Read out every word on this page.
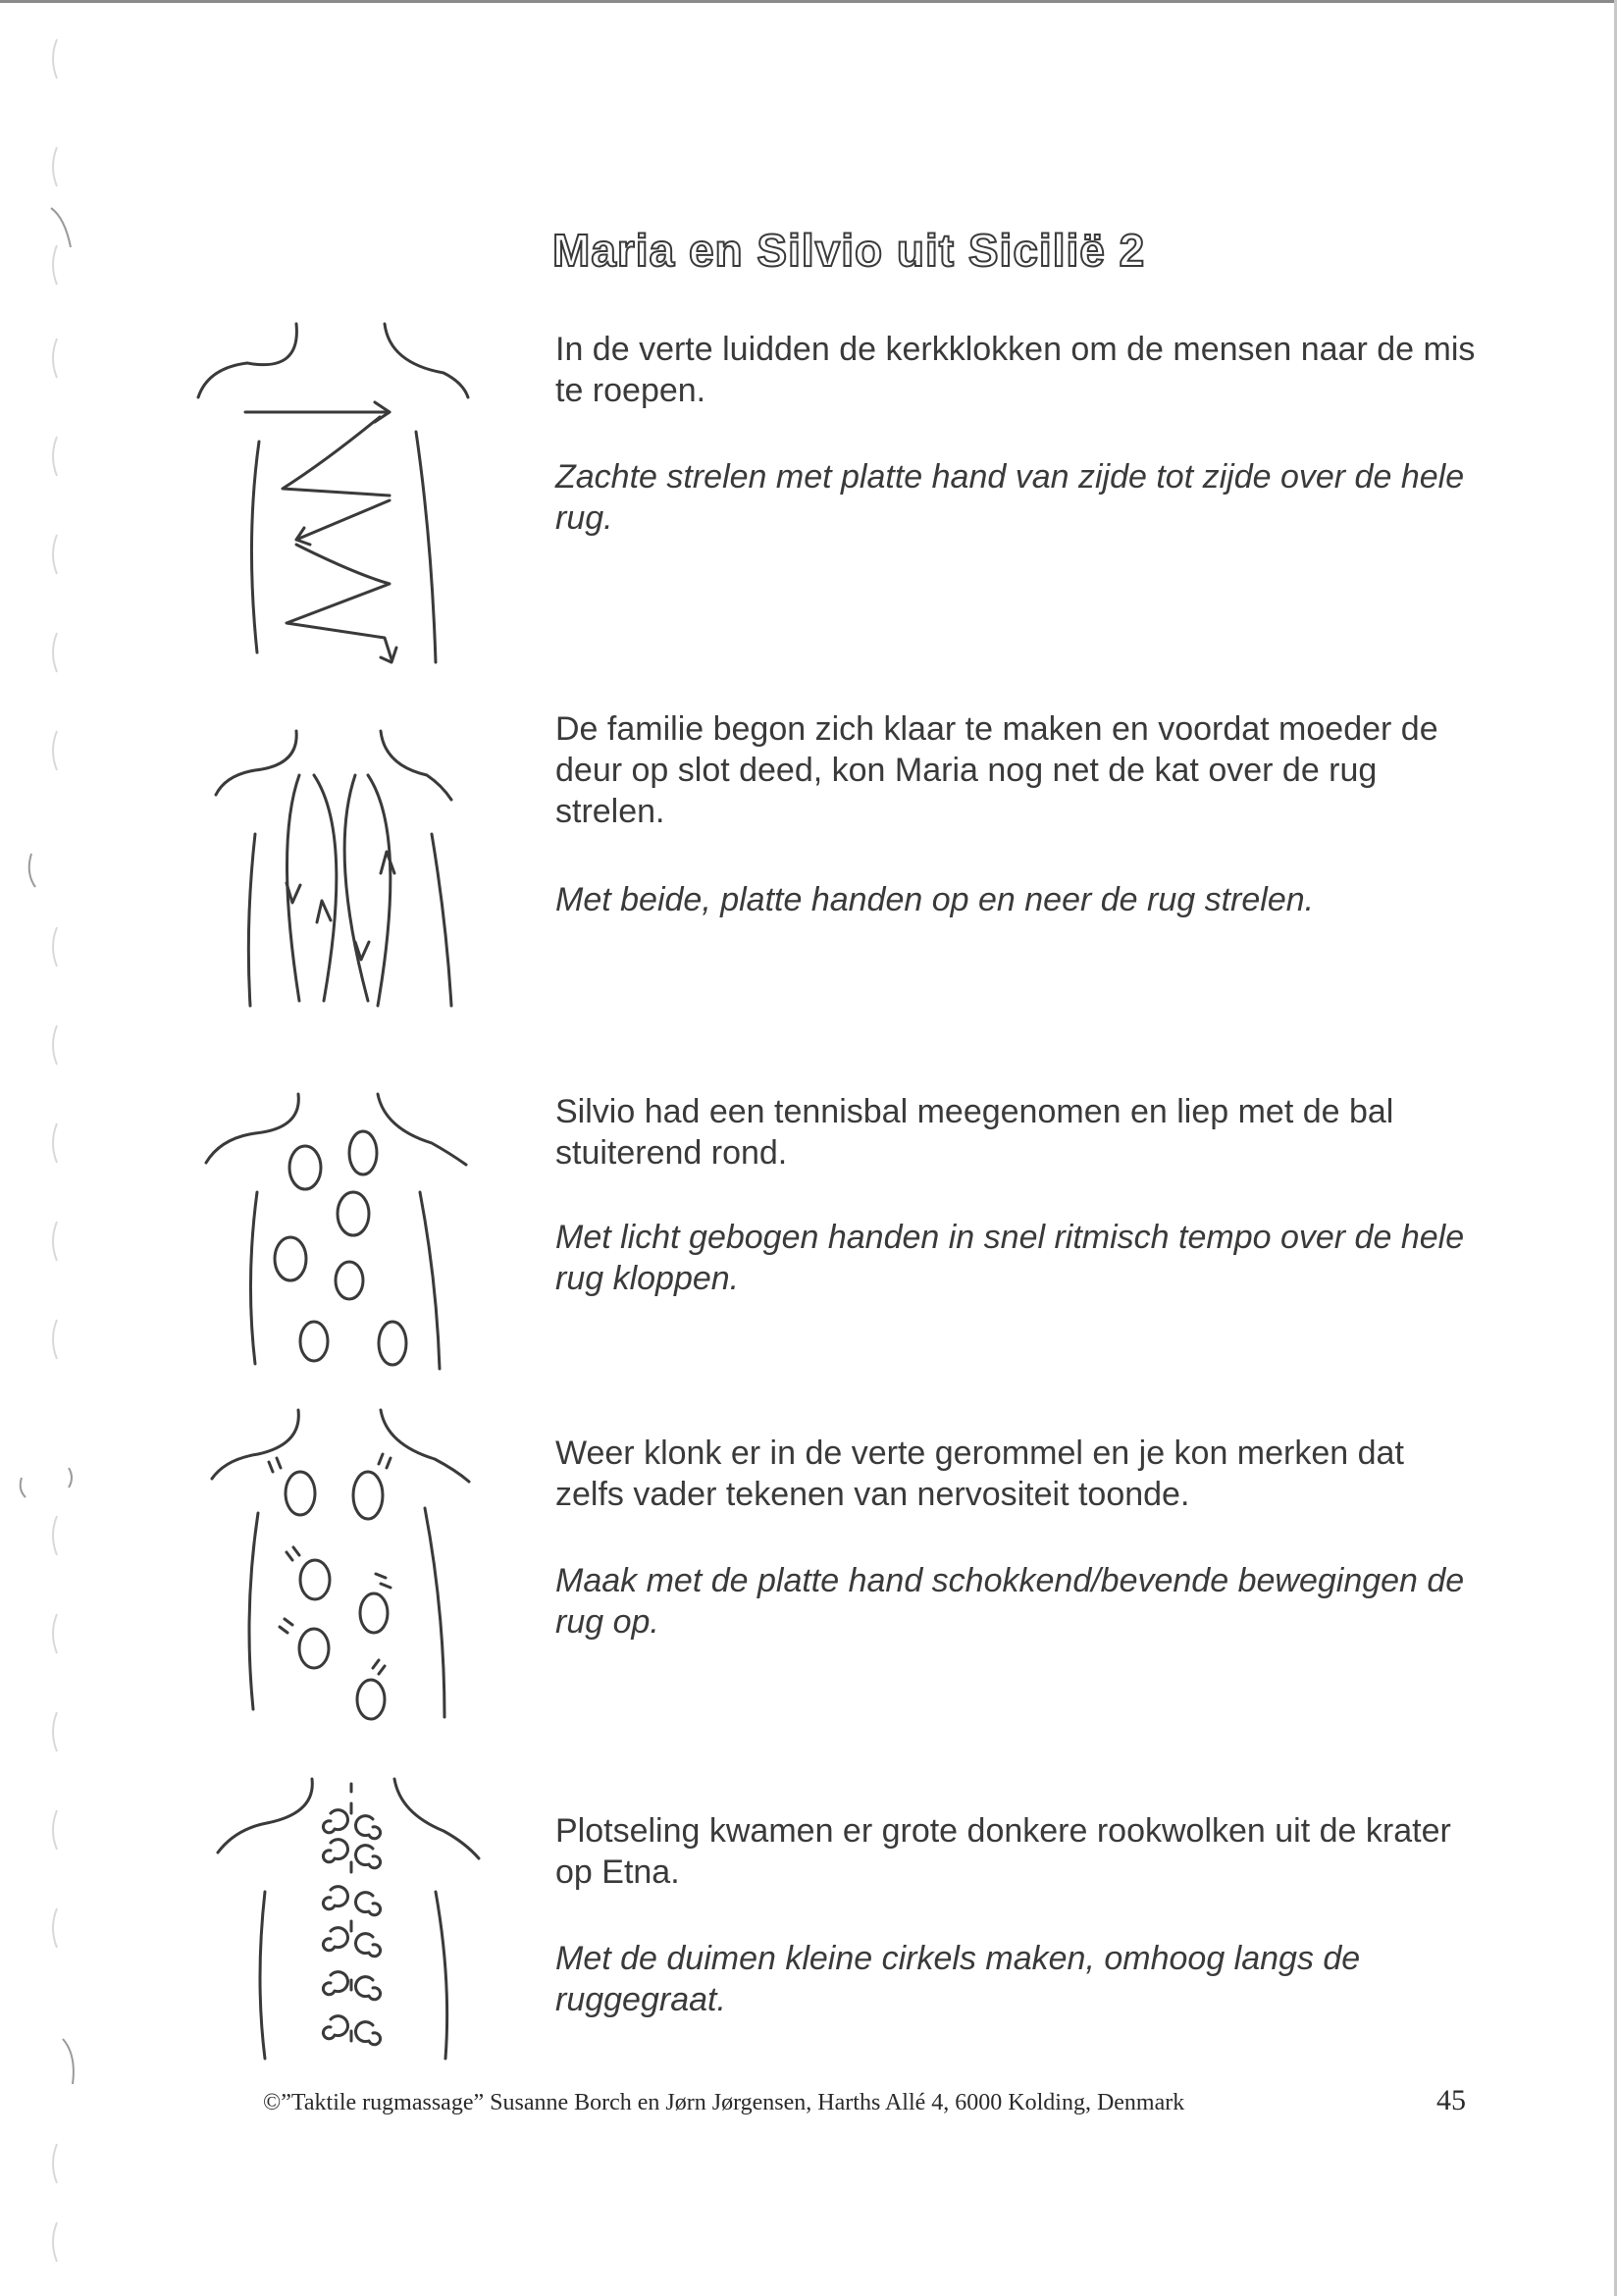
Maria en Silvio uit Sicilië 2

In de verte luidden de kerkklokken om de mensen naar de mis te roepen.

Zachte strelen met platte hand van zijde tot zijde over de hele rug.

De familie begon zich klaar te maken en voordat moeder de deur op slot deed, kon Maria nog net de kat over de rug strelen.

Met beide, platte handen op en neer de rug strelen.

Silvio had een tennisbal meegenomen en liep met de bal stuiterend rond.

Met licht gebogen handen in snel ritmisch tempo over de hele rug kloppen.

Weer klonk er in de verte gerommel en je kon merken dat zelfs vader tekenen van nervositeit toonde.

Maak met de platte hand schokkend/bevende bewegingen de rug op.

Plotseling kwamen er grote donkere rookwolken uit de krater op Etna.

Met de duimen kleine cirkels maken, omhoog langs de ruggegraat.

©”Taktile rugmassage” Susanne Borch en Jørn Jørgensen, Harths Allé 4, 6000 Kolding, Denmark	45
